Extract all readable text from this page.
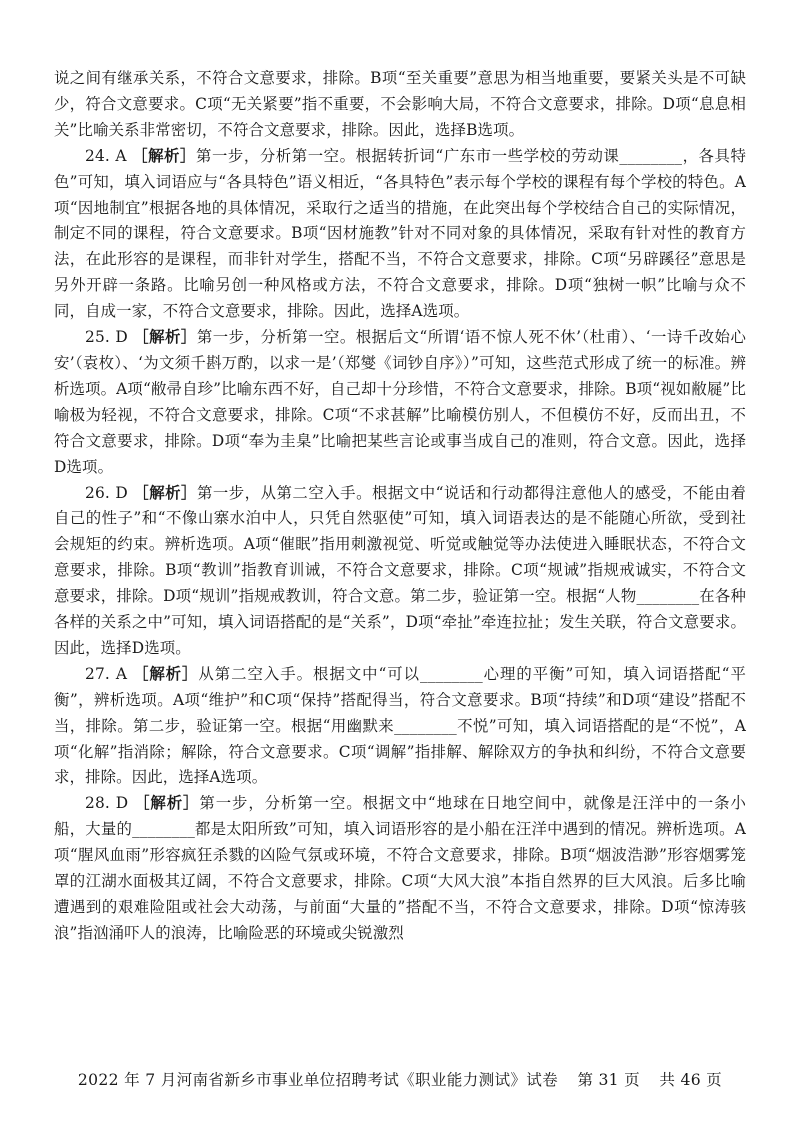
说之间有继承关系，不符合文意要求，排除。B项“至关重要”意思为相当地重要，要紧关头是不可缺少，符合文意要求。C项“无关紧要”指不重要，不会影响大局，不符合文意要求，排除。D项“息息相关”比喻关系非常密切，不符合文意要求，排除。因此，选择B选项。

24. A ［解析］第一步，分析第一空。根据转折词“广东市一些学校的劳动课________，各具特色”可知，填入词语应与“各具特色”语义相近，“各具特色”表示每个学校的课程有每个学校的特色。A项“因地制宜”根据各地的具体情况，采取行之适当的措施，在此突出每个学校结合自己的实际情况，制定不同的课程，符合文意要求。B项“因材施教”针对不同对象的具体情况，采取有针对性的教育方法，在此形容的是课程，而非针对学生，搭配不当，不符合文意要求，排除。C项“另辟蹊径”意思是另外开辟一条路。比喻另创一种风格或方法，不符合文意要求，排除。D项“独树一帜”比喻与众不同，自成一家，不符合文意要求，排除。因此，选择A选项。

25. D ［解析］第一步，分析第一空。根据后文“所谓‘语不惊人死不休’（杜甫）、‘一诗千改始心安’（袁枚）、‘为文须千斟万酌，以求一是’（郑燮《词钞自序》）”可知，这些范式形成了统一的标准。辨析选项。A项“敝帚自珍”比喻东西不好，自己却十分珍惜，不符合文意要求，排除。B项“视如敝屣”比喻极为轻视，不符合文意要求，排除。C项“不求甚解”比喻模仿别人，不但模仿不好，反而出丑，不符合文意要求，排除。D项“奉为圭臬”比喻把某些言论或事当成自己的准则，符合文意。因此，选择D选项。

26. D ［解析］第一步，从第二空入手。根据文中“说话和行动都得注意他人的感受，不能由着自己的性子”和“不像山寨水泊中人，只凭自然驱使”可知，填入词语表达的是不能随心所欲，受到社会规矩的约束。辨析选项。A项“催眠”指用刺激视觉、听觉或触觉等办法使进入睡眠状态，不符合文意要求，排除。B项“教训”指教育训诫，不符合文意要求，排除。C项“规诫”指规戒诚实，不符合文意要求，排除。D项“规训”指规戒教训，符合文意。第二步，验证第一空。根据“人物________在各种各样的关系之中”可知，填入词语搭配的是“关系”，D项“牵扯”牵连拉扯；发生关联，符合文意要求。因此，选择D选项。

27. A ［解析］从第二空入手。根据文中“可以________心理的平衡”可知，填入词语搭配“平衡”，辨析选项。A项“维护”和C项“保持”搭配得当，符合文意要求。B项“持续”和D项“建设”搭配不当，排除。第二步，验证第一空。根据“用幽默来________不悦”可知，填入词语搭配的是“不悦”，A项“化解”指消除；解除，符合文意要求。C项“调解”指排解、解除双方的争执和纠纷，不符合文意要求，排除。因此，选择A选项。

28. D ［解析］第一步，分析第一空。根据文中“地球在日地空间中，就像是汪洋中的一条小船，大量的________都是太阳所致”可知，填入词语形容的是小船在汪洋中遇到的情况。辨析选项。A项“腥风血雨”形容疯狂杀戮的凶险气氛或环境，不符合文意要求，排除。B项“烟波浩渺”形容烟雾笼罩的江湖水面极其辽阔，不符合文意要求，排除。C项“大风大浪”本指自然界的巨大风浪。后多比喻遭遇到的艰难险阻或社会大动荡，与前面“大量的”搭配不当，不符合文意要求，排除。D项“惊涛骇浪”指汹涌吓人的浪涛，比喻险恶的环境或尖锐激烈

2022 年 7 月河南省新乡市事业单位招聘考试《职业能力测试》试卷 第 31 页 共 46 页
